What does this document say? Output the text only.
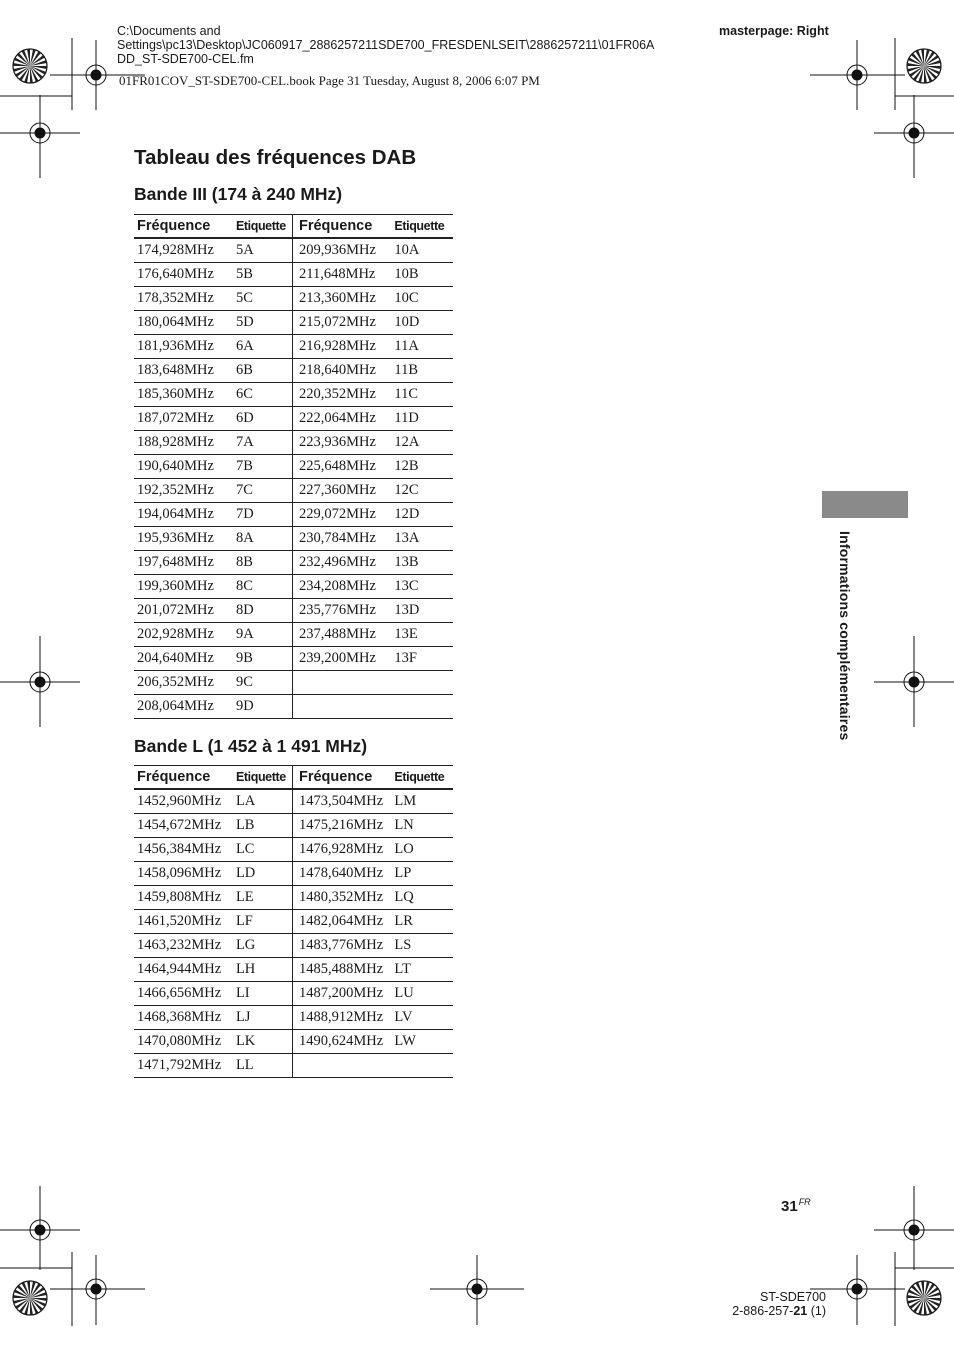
C:\Documents and
Settings\pc13\Desktop\JC060917_2886257211SDE700_FRESDENLSEIT\2886257211\01FR06A
DD_ST-SDE700-CEL.fm
masterpage: Right
01FR01COV_ST-SDE700-CEL.book Page 31 Tuesday, August 8, 2006 6:07 PM
Tableau des fréquences DAB
Bande III (174 à 240 MHz)
Fréquence	Etiquette	Fréquence	Etiquette
174,928MHz	5A	209,936MHz	10A
176,640MHz	5B	211,648MHz	10B
178,352MHz	5C	213,360MHz	10C
180,064MHz	5D	215,072MHz	10D
181,936MHz	6A	216,928MHz	11A
183,648MHz	6B	218,640MHz	11B
185,360MHz	6C	220,352MHz	11C
187,072MHz	6D	222,064MHz	11D
188,928MHz	7A	223,936MHz	12A
190,640MHz	7B	225,648MHz	12B
192,352MHz	7C	227,360MHz	12C
194,064MHz	7D	229,072MHz	12D
195,936MHz	8A	230,784MHz	13A
197,648MHz	8B	232,496MHz	13B
199,360MHz	8C	234,208MHz	13C
201,072MHz	8D	235,776MHz	13D
202,928MHz	9A	237,488MHz	13E
204,640MHz	9B	239,200MHz	13F
206,352MHz	9C		
208,064MHz	9D		
Bande L (1 452 à 1 491 MHz)
Fréquence	Etiquette	Fréquence	Etiquette
1452,960MHz	LA	1473,504MHz	LM
1454,672MHz	LB	1475,216MHz	LN
1456,384MHz	LC	1476,928MHz	LO
1458,096MHz	LD	1478,640MHz	LP
1459,808MHz	LE	1480,352MHz	LQ
1461,520MHz	LF	1482,064MHz	LR
1463,232MHz	LG	1483,776MHz	LS
1464,944MHz	LH	1485,488MHz	LT
1466,656MHz	LI	1487,200MHz	LU
1468,368MHz	LJ	1488,912MHz	LV
1470,080MHz	LK	1490,624MHz	LW
1471,792MHz	LL		
Informations complémentaires
$31^{FR}$
ST-SDE700
2-886-257-21 (1)
